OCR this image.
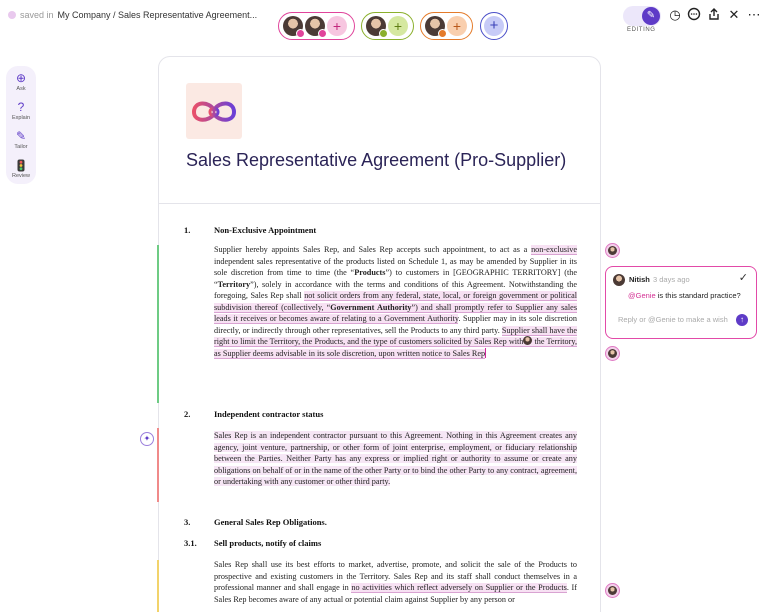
saved in My Company / Sales Representative Agreement...
+	+	+	+
✎
EDITING
◷	✕ ⋯
⊕
Ask
?
Explain
✎
Tailor
Review
Sales Representative Agreement (Pro-Supplier)
1.	Non-Exclusive Appointment
Supplier hereby appoints Sales Rep, and Sales Rep accepts such appointment, to act as a non-exclusive independent sales representative of the products listed on Schedule 1, as may be amended by Supplier in its sole discretion from time to time (the “Products”) to customers in [GEOGRAPHIC TERRITORY] (the “Territory”), solely in accordance with the terms and conditions of this Agreement. Notwithstanding the foregoing, Sales Rep shall not solicit orders from any federal, state, local, or foreign government or political subdivision thereof (collectively, “Government Authority”) and shall promptly refer to Supplier any sales leads it receives or becomes aware of relating to a Government Authority. Supplier may in its sole discretion directly, or indirectly through other representatives, sell the Products to any third party. Supplier shall have the right to limit the Territory, the Products, and the type of customers solicited by Sales Rep with the Territory, as Supplier deems advisable in its sole discretion, upon written notice to Sales Rep
2.	Independent contractor status
Sales Rep is an independent contractor pursuant to this Agreement. Nothing in this Agreement creates any agency, joint venture, partnership, or other form of joint enterprise, employment, or fiduciary relationship between the Parties. Neither Party has any express or implied right or authority to assume or create any obligations on behalf of or in the name of the other Party or to bind the other Party to any contract, agreement, or undertaking with any customer or other third party.
3.	General Sales Rep Obligations.
3.1. Sell products, notify of claims
Sales Rep shall use its best efforts to market, advertise, promote, and solicit the sale of the Products to prospective and existing customers in the Territory. Sales Rep and its staff shall conduct themselves in a professional manner and shall engage in no activities which reflect adversely on Supplier or the Products. If Sales Rep becomes aware of any actual or potential claim against Supplier by any person or
✦
Nitish 3 days ago	✓
@Genie is this standard practice?
Reply or @Genie to make a wish	↑
